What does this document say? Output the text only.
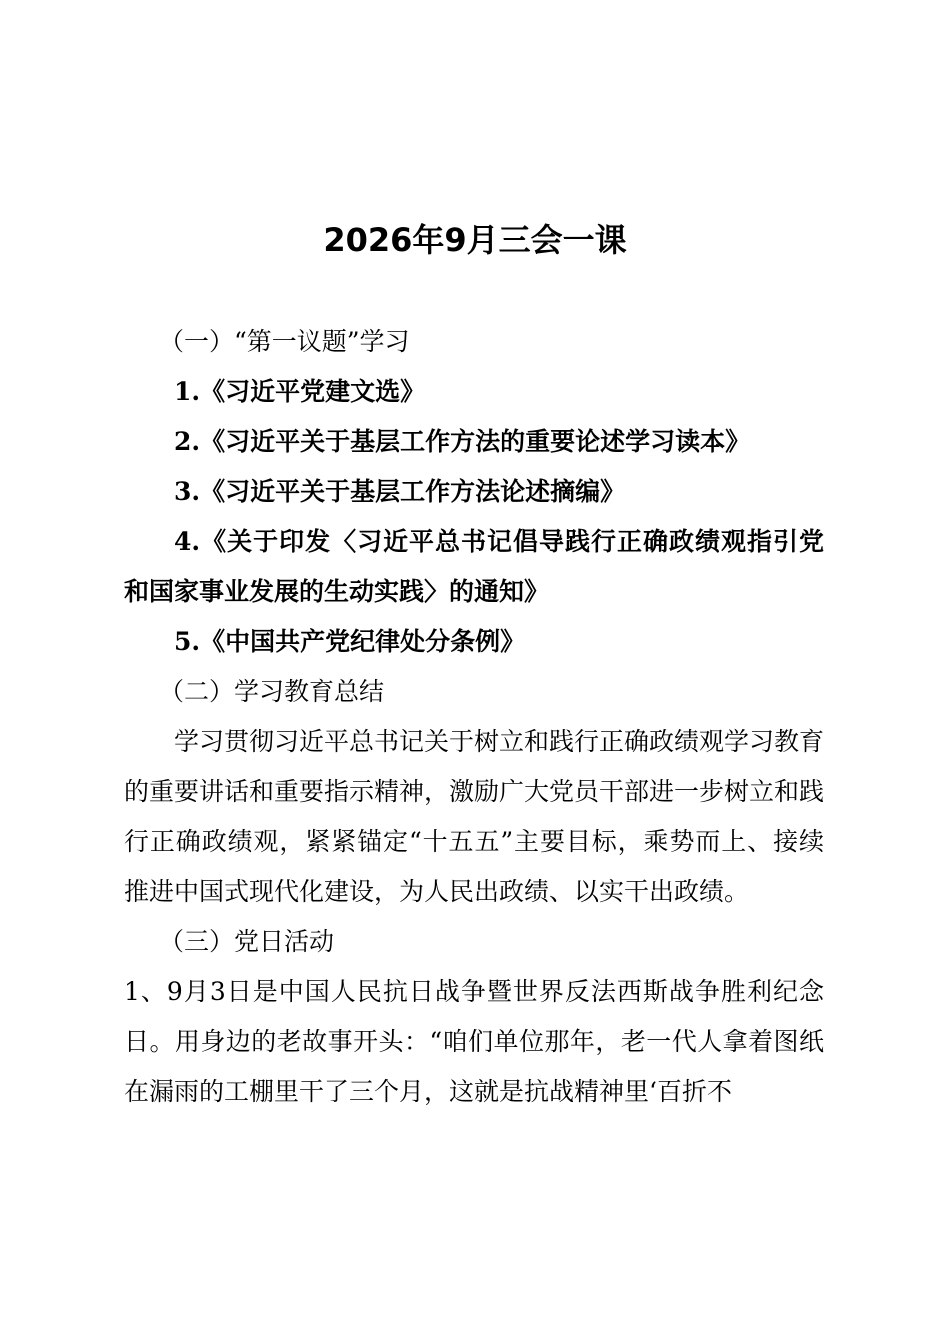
2026年9月三会一课

（一）“第一议题”学习

1.《习近平党建文选》

2.《习近平关于基层工作方法的重要论述学习读本》

3.《习近平关于基层工作方法论述摘编》

4.《关于印发〈习近平总书记倡导践行正确政绩观指引党和国家事业发展的生动实践〉的通知》

5.《中国共产党纪律处分条例》

（二）学习教育总结

学习贯彻习近平总书记关于树立和践行正确政绩观学习教育的重要讲话和重要指示精神，激励广大党员干部进一步树立和践行正确政绩观，紧紧锚定“十五五”主要目标，乘势而上、接续推进中国式现代化建设，为人民出政绩、以实干出政绩。

（三）党日活动

1、9月3日是中国人民抗日战争暨世界反法西斯战争胜利纪念日。用身边的老故事开头：“咱们单位那年，老一代人拿着图纸在漏雨的工棚里干了三个月，这就是抗战精神里‘百折不
